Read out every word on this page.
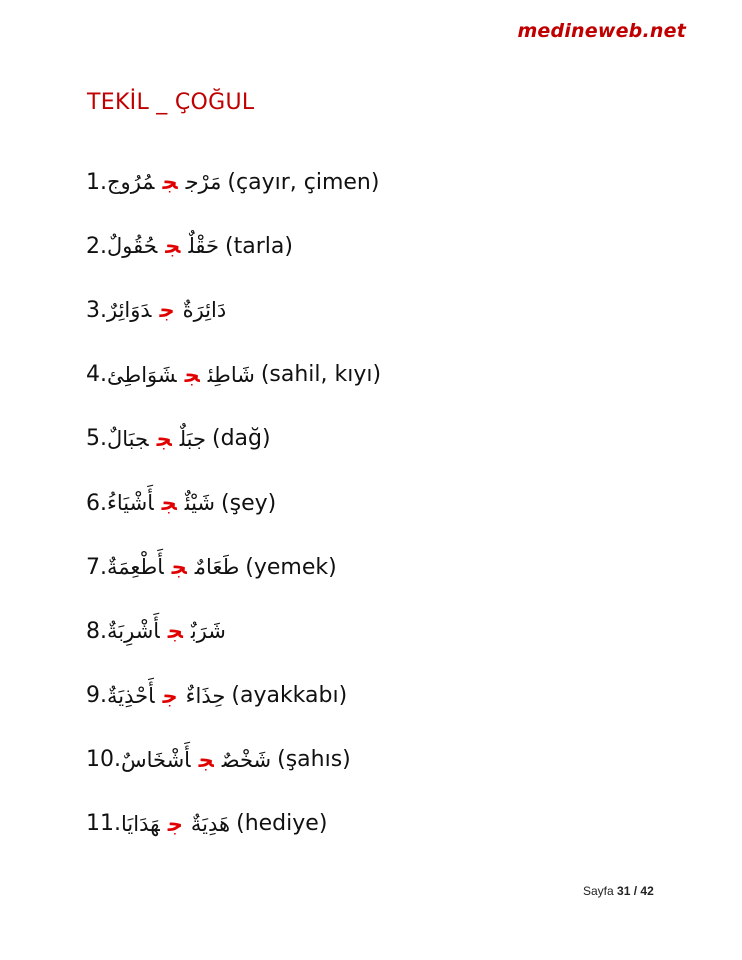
medineweb.net
TEKİL _ ÇOĞUL
1.	مَرْججمُرُوج	(çayır, çimen)
2.	حَقْلٌجحُقُولٌ	(tarla)
3.	دَائِرَةٌجدَوَائِرٌ
4.	شَاطِئجشَوَاطِئ	(sahil, kıyı)
5.	جبَلٌججبَالٌ	(dağ)
6.	شَيْئٌجأَشْيَاءُ	(şey)
7.	طَعَامٌجأَطْعِمَةٌ	(yemek)
8.	شَرَبٌجأَشْرِبَةٌ
9.	حِذَاءٌجأَحْذِيَةٌ	(ayakkabı)
10.	شَخْصٌجأَشْخَاسٌ	(şahıs)
11.	هَدِيَةٌجهَدَايَا	(hediye)
Sayfa 31 / 42
